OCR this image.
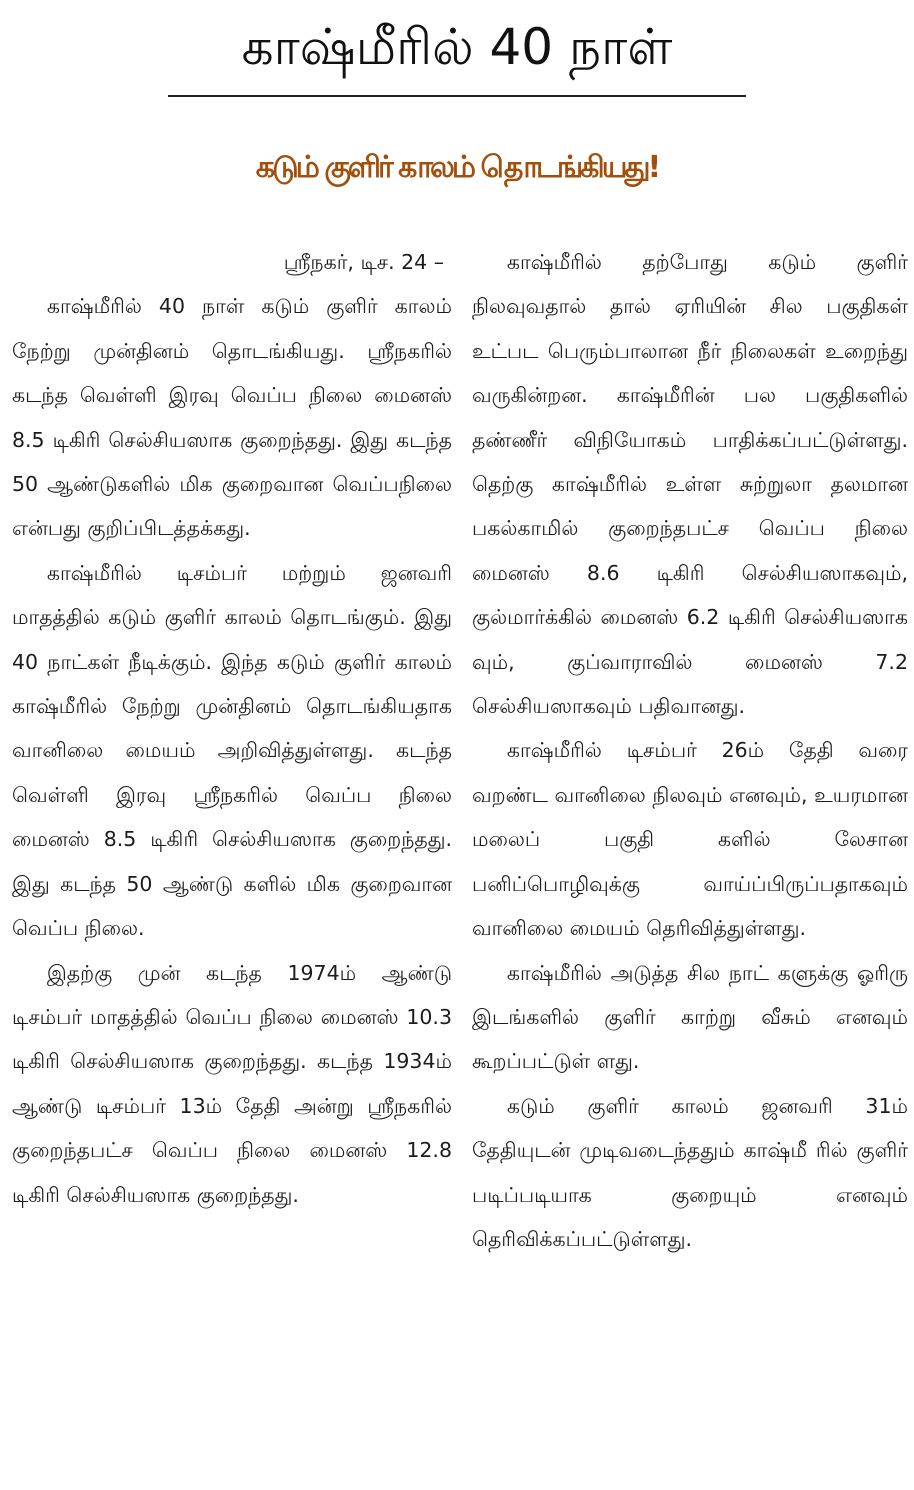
காஷ்மீரில் 40 நாள்
கடும் குளிர் காலம் தொடங்கியது!
ஸ்ரீநகர், டிச. 24 –

காஷ்மீரில் 40 நாள் கடும் குளிர் காலம் நேற்று முன்தினம் தொடங்கியது. ஸ்ரீநகரில் கடந்த வெள்ளி இரவு வெப்ப நிலை மைனஸ் 8.5 டிகிரி செல்சியஸாக குறைந்தது. இது கடந்த 50 ஆண்டுகளில் மிக குறைவான வெப்பநிலை என்பது குறிப்பிடத்தக்கது.

காஷ்மீரில் டிசம்பர் மற்றும் ஜனவரி மாதத்தில் கடும் குளிர் காலம் தொடங்கும். இது 40 நாட்கள் நீடிக்கும். இந்த கடும் குளிர் காலம் காஷ்மீரில் நேற்று முன்தினம் தொடங்கியதாக வானிலை மையம் அறிவித்துள்ளது. கடந்த வெள்ளி இரவு ஸ்ரீநகரில் வெப்ப நிலை மைனஸ் 8.5 டிகிரி செல்சியஸாக குறைந்தது. இது கடந்த 50 ஆண்டு களில் மிக குறைவான வெப்ப நிலை.

இதற்கு முன் கடந்த 1974ம் ஆண்டு டிசம்பர் மாதத்தில் வெப்ப நிலை மைனஸ் 10.3 டிகிரி செல்சியஸாக குறைந்தது. கடந்த 1934ம் ஆண்டு டிசம்பர் 13ம் தேதி அன்று ஸ்ரீநகரில் குறைந்தபட்ச வெப்ப நிலை மைனஸ் 12.8 டிகிரி செல்சியஸாக குறைந்தது.

காஷ்மீரில் தற்போது கடும் குளிர் நிலவுவதால் தால் ஏரியின் சில பகுதிகள் உட்பட பெரும்பாலான நீர் நிலைகள் உறைந்து வருகின்றன. காஷ்மீரின் பல பகுதிகளில் தண்ணீர் விநியோகம் பாதிக்கப்பட்டுள்ளது. தெற்கு காஷ்மீரில் உள்ள சுற்றுலா தலமான பகல்காமில் குறைந்தபட்ச வெப்ப நிலை மைனஸ் 8.6 டிகிரி செல்சியஸாகவும், குல்மார்க்கில் மைனஸ் 6.2 டிகிரி செல்சியஸாக வும், குப்வாராவில் மைனஸ் 7.2 செல்சியஸாகவும் பதிவானது.

காஷ்மீரில் டிசம்பர் 26ம் தேதி வரை வறண்ட வானிலை நிலவும் எனவும், உயரமான மலைப் பகுதி களில் லேசான பனிப்பொழிவுக்கு வாய்ப்பிருப்பதாகவும் வானிலை மையம் தெரிவித்துள்ளது.

காஷ்மீரில் அடுத்த சில நாட் களுக்கு ஓரிரு இடங்களில் குளிர் காற்று வீசும் எனவும் கூறப்பட்டுள் ளது.

கடும் குளிர் காலம் ஜனவரி 31ம் தேதியுடன் முடிவடைந்ததும் காஷ்மீ ரில் குளிர் படிப்படியாக குறையும் எனவும் தெரிவிக்கப்பட்டுள்ளது.
